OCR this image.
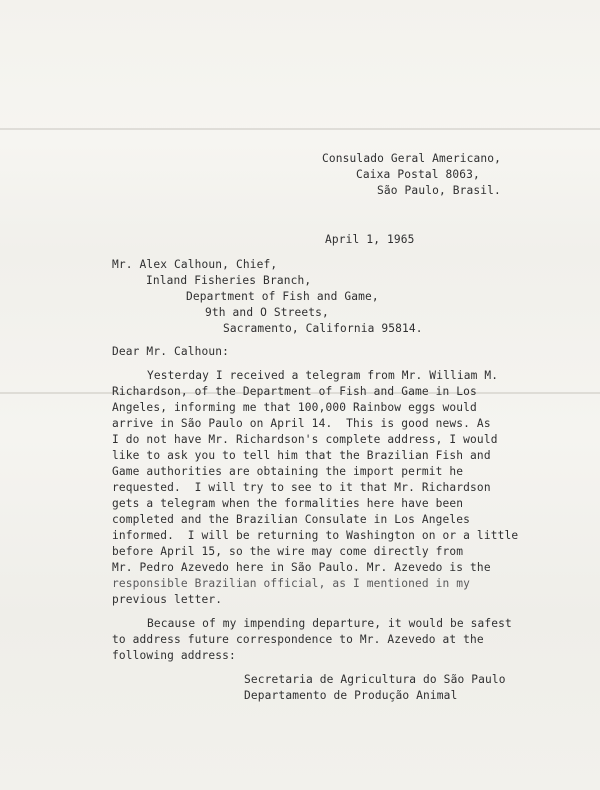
Consulado Geral Americano,
Caixa Postal 8063,
São Paulo, Brasil.
April 1, 1965
Mr. Alex Calhoun, Chief,
Inland Fisheries Branch,
Department of Fish and Game,
9th and O Streets,
Sacramento, California 95814.
Dear Mr. Calhoun:
Yesterday I received a telegram from Mr. William M.
Richardson, of the Department of Fish and Game in Los
Angeles, informing me that 100,000 Rainbow eggs would
arrive in São Paulo on April 14.  This is good news. As
I do not have Mr. Richardson's complete address, I would
like to ask you to tell him that the Brazilian Fish and
Game authorities are obtaining the import permit he
requested.  I will try to see to it that Mr. Richardson
gets a telegram when the formalities here have been
completed and the Brazilian Consulate in Los Angeles
informed.  I will be returning to Washington on or a little
before April 15, so the wire may come directly from
Mr. Pedro Azevedo here in São Paulo. Mr. Azevedo is the
responsible Brazilian official, as I mentioned in my
previous letter.
Because of my impending departure, it would be safest
to address future correspondence to Mr. Azevedo at the
following address:
Secretaria de Agricultura do São Paulo
Departamento de Produção Animal
